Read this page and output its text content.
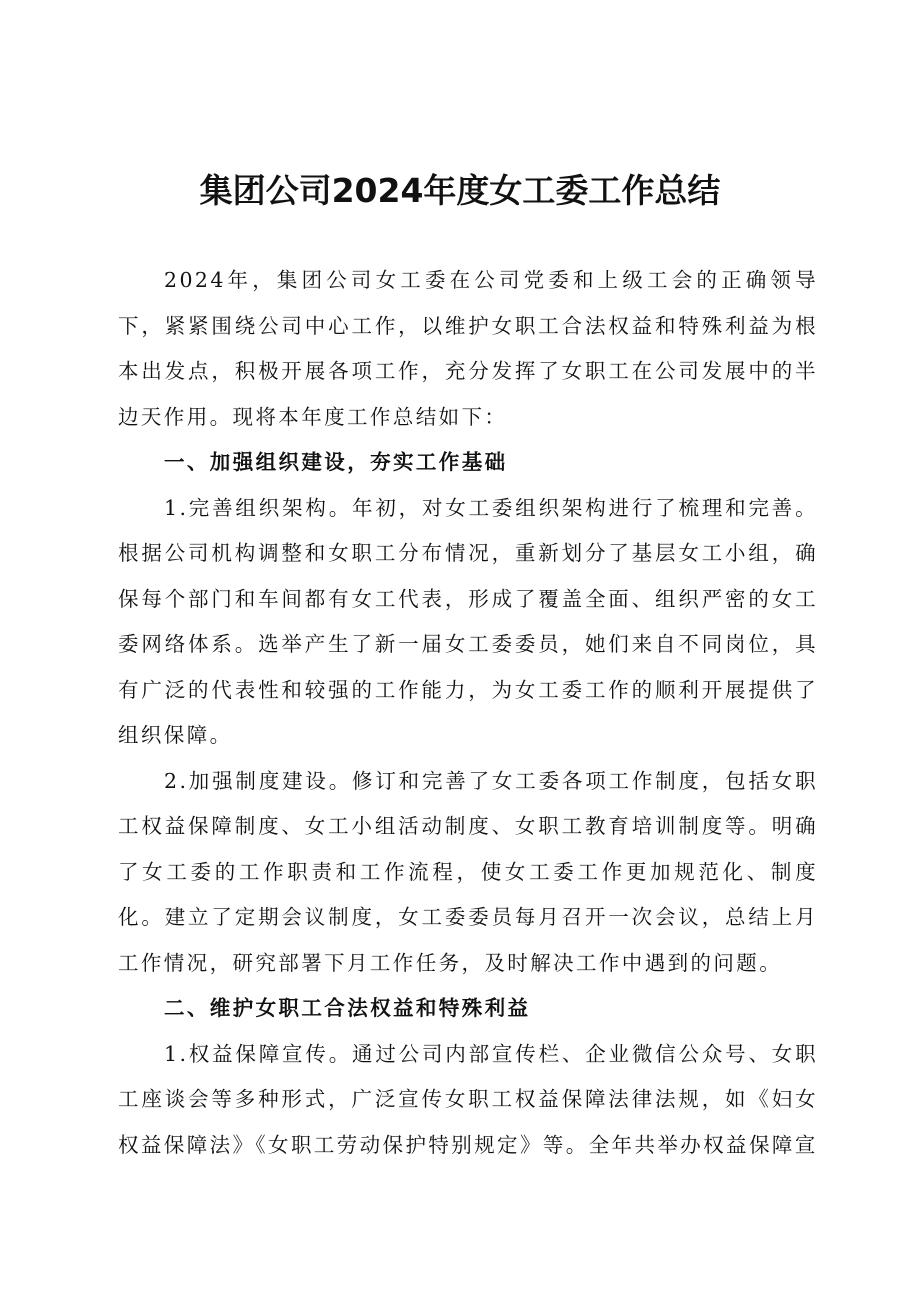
集团公司2024年度女工委工作总结

2024年，集团公司女工委在公司党委和上级工会的正确领导下，紧紧围绕公司中心工作，以维护女职工合法权益和特殊利益为根本出发点，积极开展各项工作，充分发挥了女职工在公司发展中的半边天作用。现将本年度工作总结如下：

一、加强组织建设，夯实工作基础

1.完善组织架构。年初，对女工委组织架构进行了梳理和完善。根据公司机构调整和女职工分布情况，重新划分了基层女工小组，确保每个部门和车间都有女工代表，形成了覆盖全面、组织严密的女工委网络体系。选举产生了新一届女工委委员，她们来自不同岗位，具有广泛的代表性和较强的工作能力，为女工委工作的顺利开展提供了组织保障。

2.加强制度建设。修订和完善了女工委各项工作制度，包括女职工权益保障制度、女工小组活动制度、女职工教育培训制度等。明确了女工委的工作职责和工作流程，使女工委工作更加规范化、制度化。建立了定期会议制度，女工委委员每月召开一次会议，总结上月工作情况，研究部署下月工作任务，及时解决工作中遇到的问题。

二、维护女职工合法权益和特殊利益

1.权益保障宣传。通过公司内部宣传栏、企业微信公众号、女职工座谈会等多种形式，广泛宣传女职工权益保障法律法规，如《妇女权益保障法》《女职工劳动保护特别规定》等。全年共举办权益保障宣
